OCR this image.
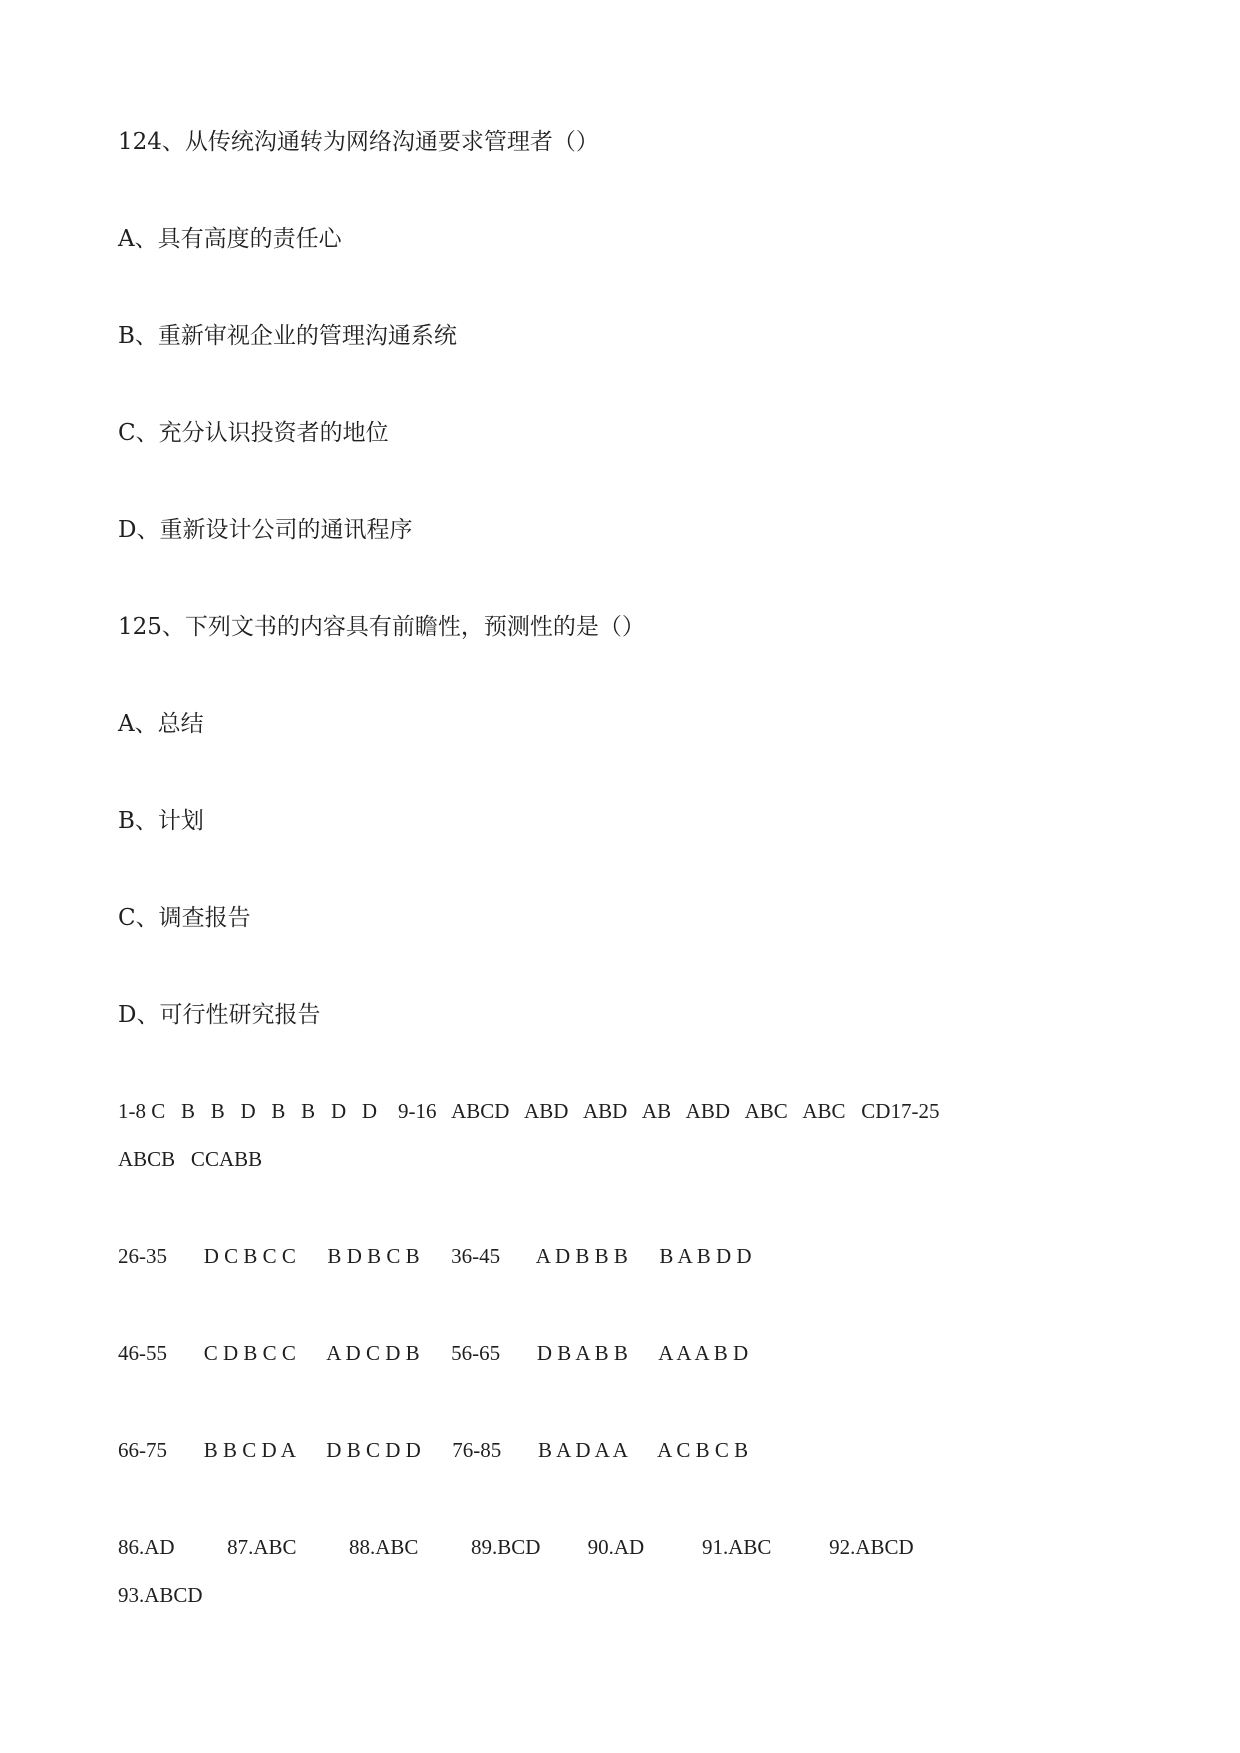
124、从传统沟通转为网络沟通要求管理者（）

A、具有高度的责任心

B、重新审视企业的管理沟通系统

C、充分认识投资者的地位

D、重新设计公司的通讯程序

125、下列文书的内容具有前瞻性，预测性的是（）

A、总结

B、计划

C、调查报告

D、可行性研究报告

1-8 C   B   B   D   B   B   D   D    9-16   ABCD   ABD   ABD   AB   ABD   ABC   ABC   CD17-25

ABCB   CCABB

26-35       D C B C C      B D B C B      36-45       A D B B B      B A B D D

46-55       C D B C C      A D C D B      56-65       D B A B B      A A A B D

66-75       B B C D A      D B C D D      76-85       B A D A A      A C B C B

86.AD          87.ABC          88.ABC          89.BCD         90.AD           91.ABC           92.ABCD

93.ABCD
